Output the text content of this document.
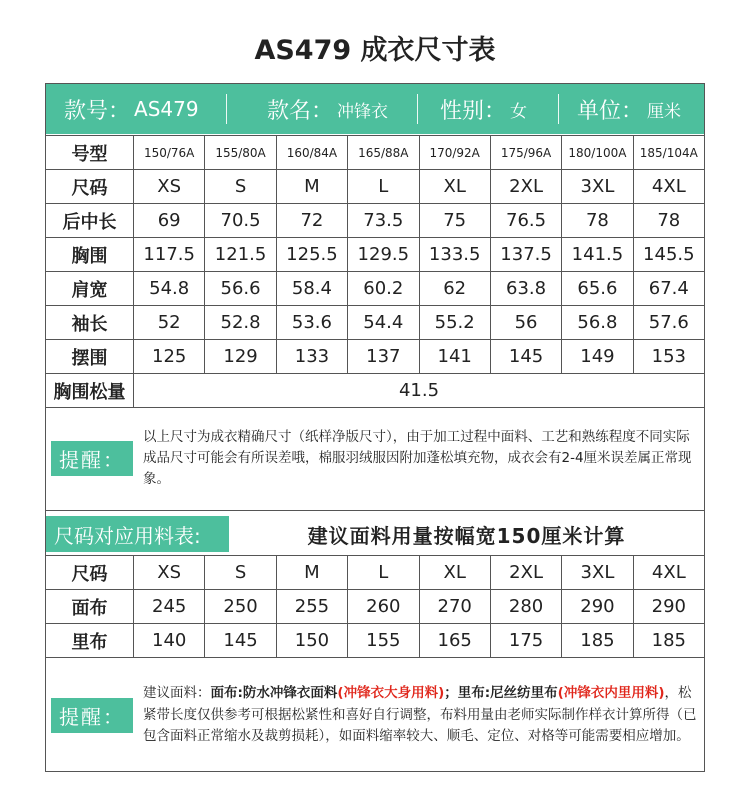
AS479 成衣尺寸表
款号： AS479	款名： 冲锋衣 性别： 女 单位： 厘米
号型	150/76A	155/80A	160/84A	165/88A	170/92A	175/96A	180/100A	185/104A
尺码	XS	S	M	L	XL	2XL	3XL	4XL
后中长	69	70.5	72	73.5	75	76.5	78	78
胸围	117.5	121.5	125.5	129.5	133.5	137.5	141.5	145.5
肩宽	54.8	56.6	58.4	60.2	62	63.8	65.6	67.4
袖长	52	52.8	53.6	54.4	55.2	56	56.8	57.6
摆围	125	129	133	137	141	145	149	153
胸围松量	41.5							
提醒：

以上尺寸为成衣精确尺寸（纸样净版尺寸），由于加工过程中面料、工艺和熟练程度不同实际成品尺寸可能会有所误差哦，棉服羽绒服因附加蓬松填充物，成衣会有2-4厘米误差属正常现象。

尺码对应用料表:	建议面料用量按幅宽150厘米计算
尺码	XS	S	M	L	XL	2XL	3XL	4XL
面布	245	250	255	260	270	280	290	290
里布	140	145	150	155	165	175	185	185
提醒：

建议面料：面布:防水冲锋衣面料(冲锋衣大身用料)；里布:尼丝纺里布(冲锋衣内里用料)，松紧带长度仅供参考可根据松紧性和喜好自行调整，布料用量由老师实际制作样衣计算所得（已包含面料正常缩水及裁剪损耗），如面料缩率较大、顺毛、定位、对格等可能需要相应增加。
